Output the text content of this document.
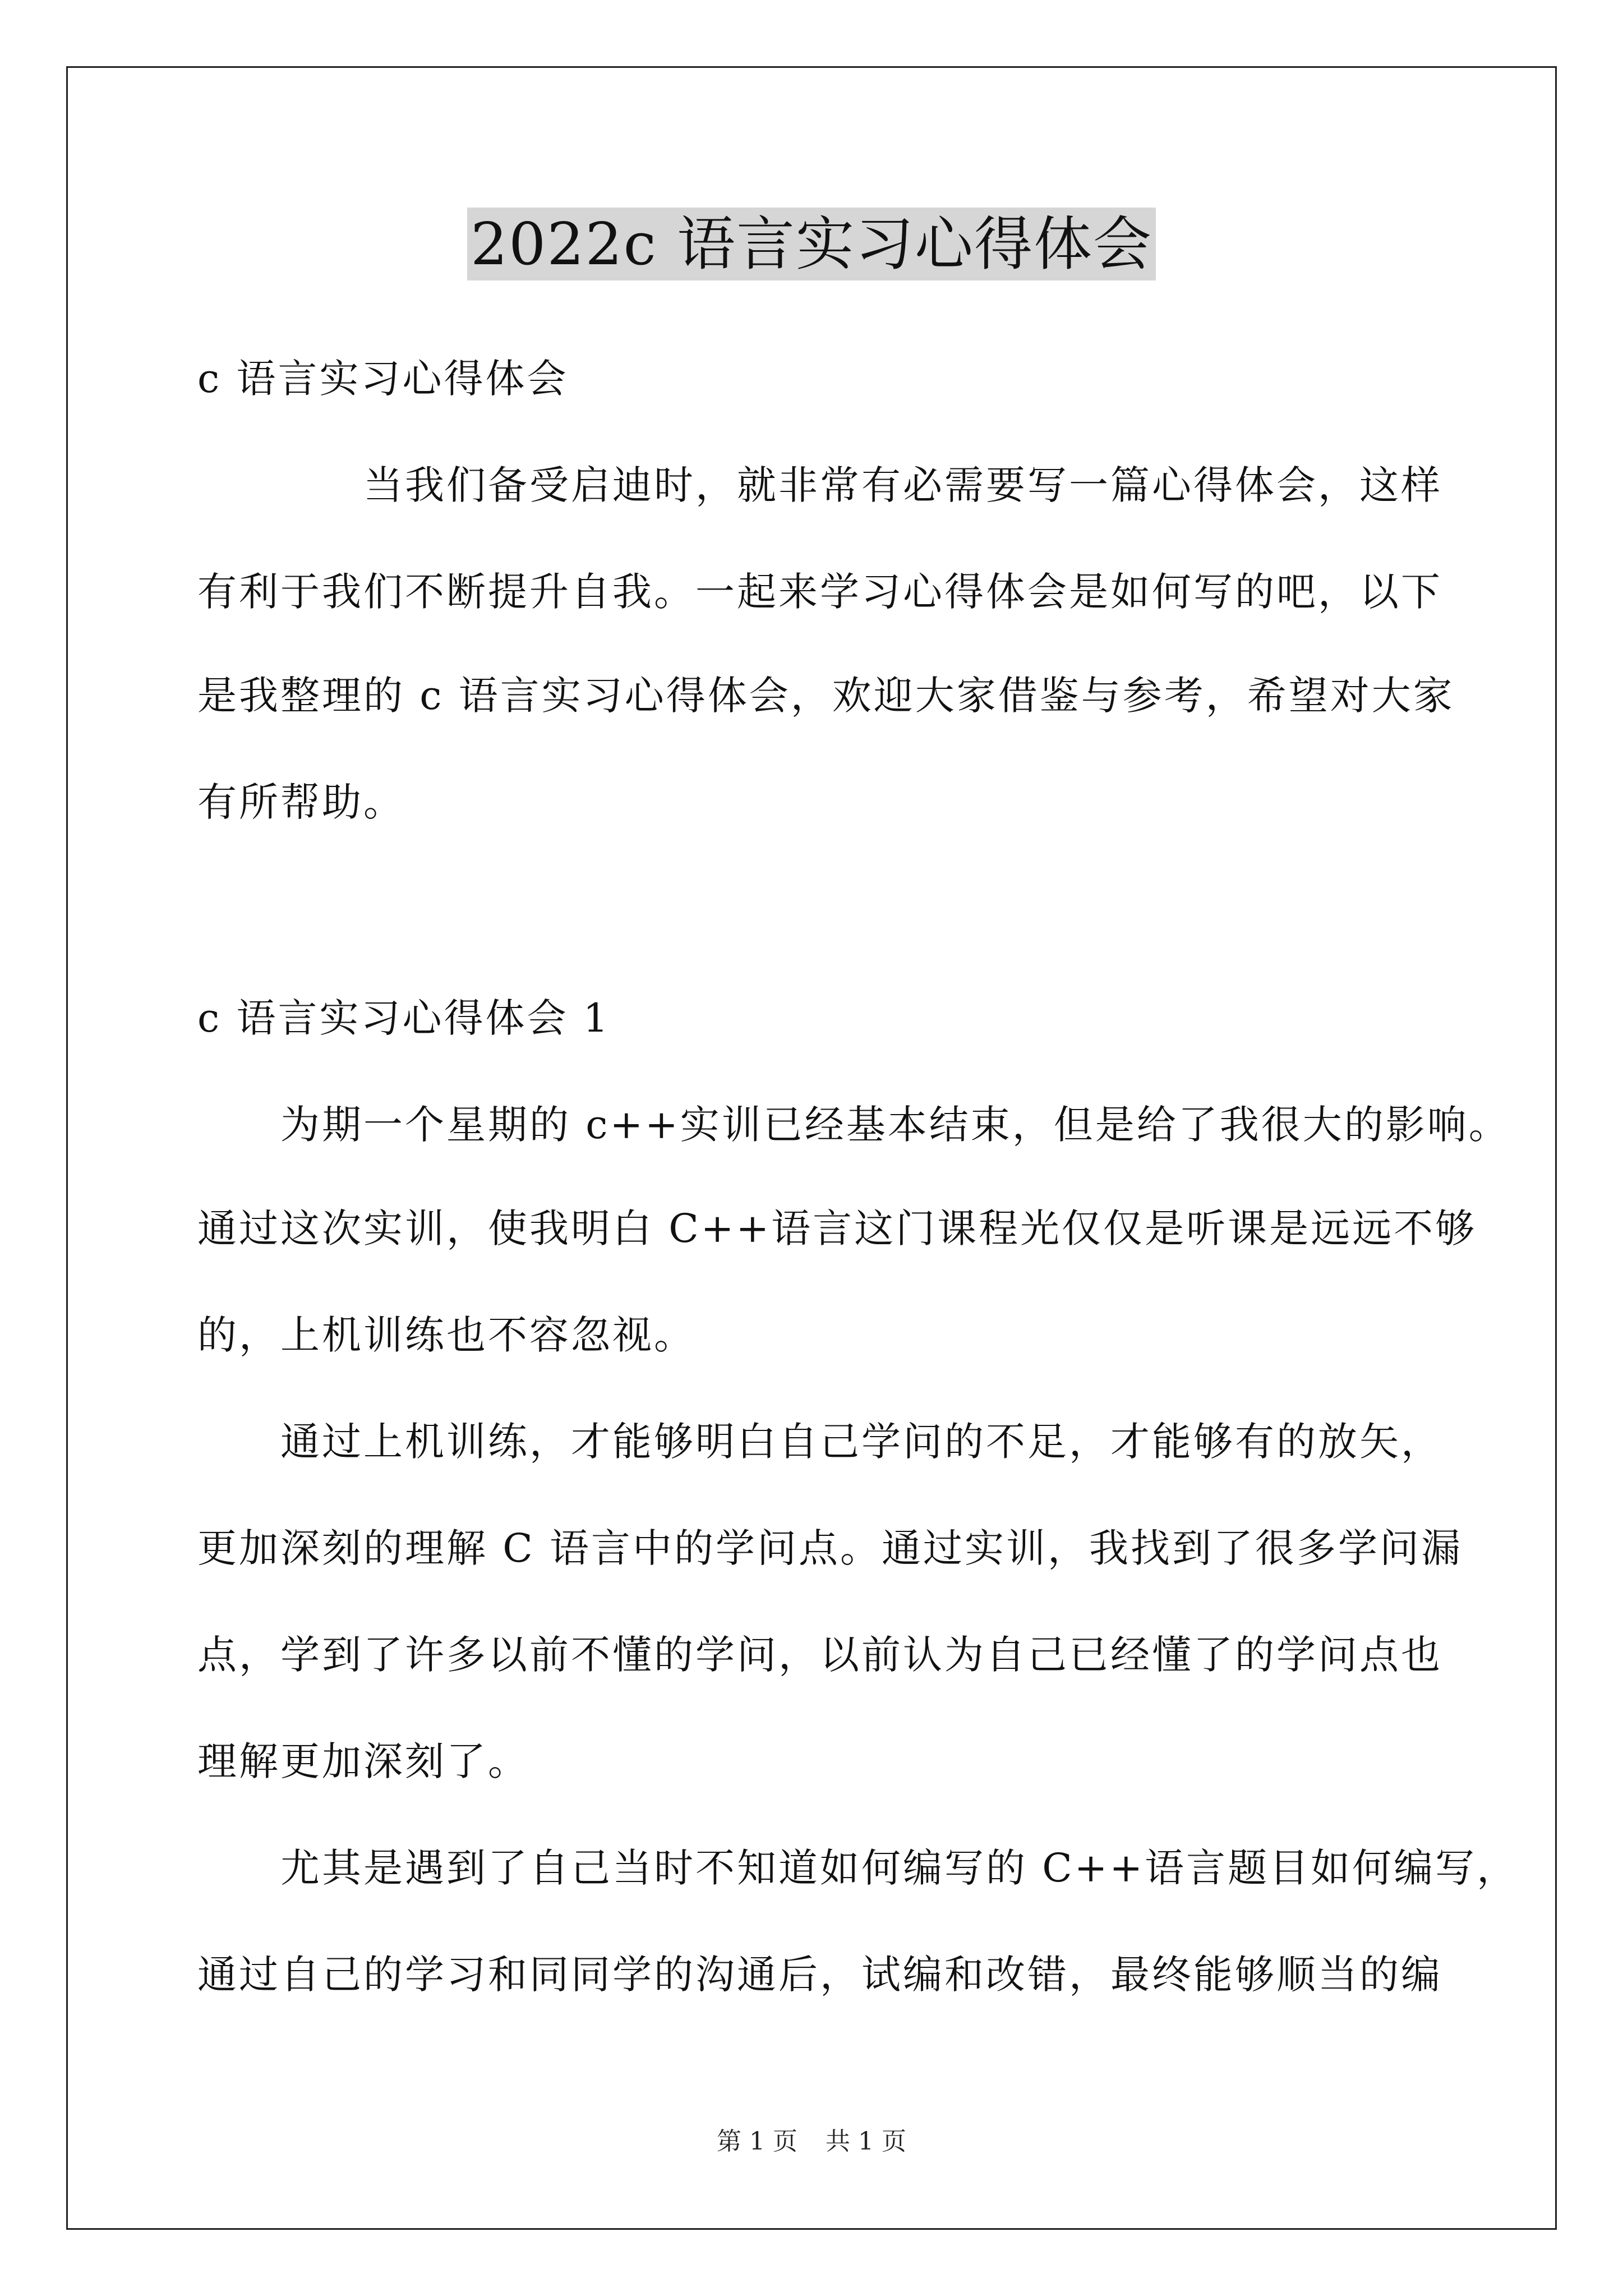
2022c 语言实习心得体会
c 语言实习心得体会
当我们备受启迪时，就非常有必需要写一篇心得体会，这样
有利于我们不断提升自我。一起来学习心得体会是如何写的吧，以下
是我整理的 c 语言实习心得体会，欢迎大家借鉴与参考，希望对大家
有所帮助。
c 语言实习心得体会 1
为期一个星期的 c++实训已经基本结束，但是给了我很大的影响。
通过这次实训，使我明白 C++语言这门课程光仅仅是听课是远远不够
的，上机训练也不容忽视。
通过上机训练，才能够明白自己学问的不足，才能够有的放矢，
更加深刻的理解 C 语言中的学问点。通过实训，我找到了很多学问漏
点，学到了许多以前不懂的学问，以前认为自己已经懂了的学问点也
理解更加深刻了。
尤其是遇到了自己当时不知道如何编写的 C++语言题目如何编写，
通过自己的学习和同同学的沟通后，试编和改错，最终能够顺当的编
第 1 页 共 1 页
